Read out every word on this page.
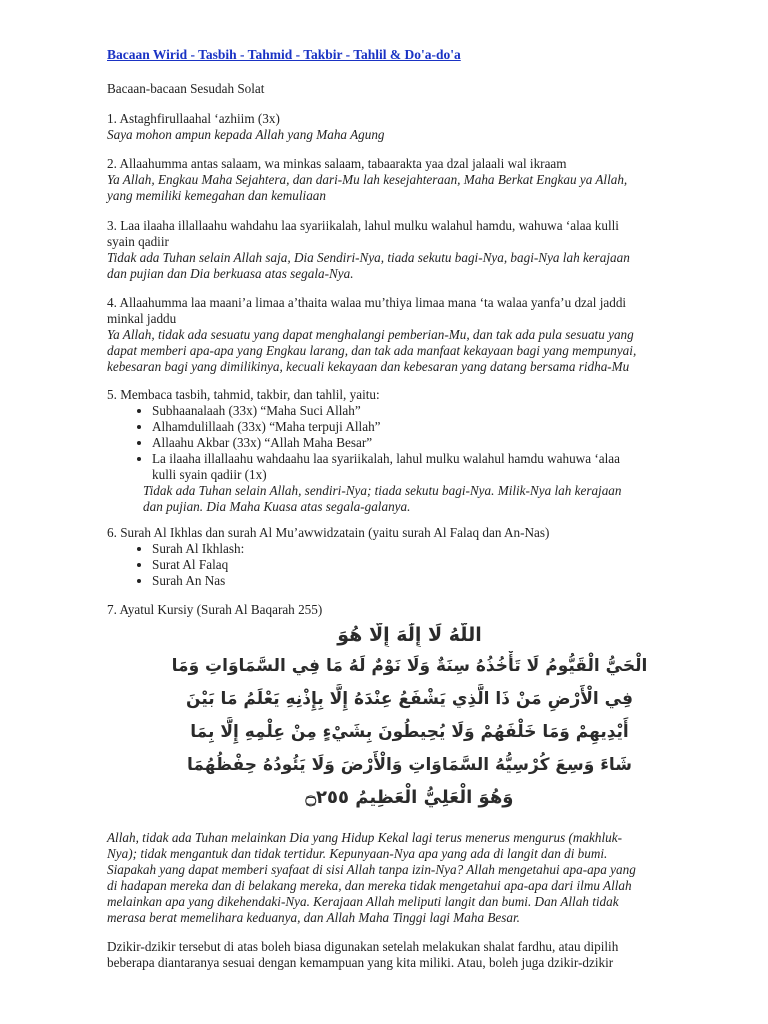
Bacaan Wirid - Tasbih - Tahmid - Takbir - Tahlil & Do'a-do'a
Bacaan-bacaan Sesudah Solat

1. Astaghfirullaahal ‘azhiim (3x)

Saya mohon ampun kepada Allah yang Maha Agung

2. Allaahumma antas salaam, wa minkas salaam, tabaarakta yaa dzal jalaali wal ikraam

Ya Allah, Engkau Maha Sejahtera, dan dari-Mu lah kesejahteraan, Maha Berkat Engkau ya Allah,

yang memiliki kemegahan dan kemuliaan

3. Laa ilaaha illallaahu wahdahu laa syariikalah, lahul mulku walahul hamdu, wahuwa ‘alaa kulli

syain qadiir

Tidak ada Tuhan selain Allah saja, Dia Sendiri-Nya, tiada sekutu bagi-Nya, bagi-Nya lah kerajaan

dan pujian dan Dia berkuasa atas segala-Nya.

4. Allaahumma laa maani’a limaa a’thaita walaa mu’thiya limaa mana ‘ta walaa yanfa’u dzal jaddi

minkal jaddu

Ya Allah, tidak ada sesuatu yang dapat menghalangi pemberian-Mu, dan tak ada pula sesuatu yang

dapat memberi apa-apa yang Engkau larang, dan tak ada manfaat kekayaan bagi yang mempunyai,

kebesaran bagi yang dimilikinya, kecuali kekayaan dan kebesaran yang datang bersama ridha-Mu

5. Membaca tasbih, tahmid, takbir, dan tahlil, yaitu:

• Subhaanalaah (33x) “Maha Suci Allah”
• Alhamdulillaah (33x) “Maha terpuji Allah”
• Allaahu Akbar (33x) “Allah Maha Besar”
• La ilaaha illallaahu wahdaahu laa syariikalah, lahul mulku walahul hamdu wahuwa ‘alaa kulli syain qadiir (1x)

Tidak ada Tuhan selain Allah, sendiri-Nya; tiada sekutu bagi-Nya. Milik-Nya lah kerajaan

dan pujian. Dia Maha Kuasa atas segala-galanya.

6. Surah Al Ikhlas dan surah Al Mu’awwidzatain (yaitu surah Al Falaq dan An-Nas)

• Surah Al Ikhlash:
• Surat Al Falaq
• Surah An Nas
7. Ayatul Kursiy (Surah Al Baqarah 255)
اللَّهُ لَا إِلَٰهَ إِلَّا هُوَ
الْحَيُّ الْقَيُّومُ لَا تَأْخُذُهُ سِنَةٌ وَلَا نَوْمٌ لَهُ مَا فِي السَّمَاوَاتِ وَمَا
فِي الْأَرْضِ مَنْ ذَا الَّذِي يَشْفَعُ عِنْدَهُ إِلَّا بِإِذْنِهِ يَعْلَمُ مَا بَيْنَ
أَيْدِيهِمْ وَمَا خَلْفَهُمْ وَلَا يُحِيطُونَ بِشَيْءٍ مِنْ عِلْمِهِ إِلَّا بِمَا
شَاءَ وَسِعَ كُرْسِيُّهُ السَّمَاوَاتِ وَالْأَرْضَ وَلَا يَئُودُهُ حِفْظُهُمَا
وَهُوَ الْعَلِيُّ الْعَظِيمُ ۝٢٥٥

Allah, tidak ada Tuhan melainkan Dia yang Hidup Kekal lagi terus menerus mengurus (makhluk-

Nya); tidak mengantuk dan tidak tertidur. Kepunyaan-Nya apa yang ada di langit dan di bumi.

Siapakah yang dapat memberi syafaat di sisi Allah tanpa izin-Nya? Allah mengetahui apa-apa yang

di hadapan mereka dan di belakang mereka, dan mereka tidak mengetahui apa-apa dari ilmu Allah

melainkan apa yang dikehendaki-Nya. Kerajaan Allah meliputi langit dan bumi. Dan Allah tidak

merasa berat memelihara keduanya, dan Allah Maha Tinggi lagi Maha Besar.

Dzikir-dzikir tersebut di atas boleh biasa digunakan setelah melakukan shalat fardhu, atau dipilih

beberapa diantaranya sesuai dengan kemampuan yang kita miliki. Atau, boleh juga dzikir-dzikir
